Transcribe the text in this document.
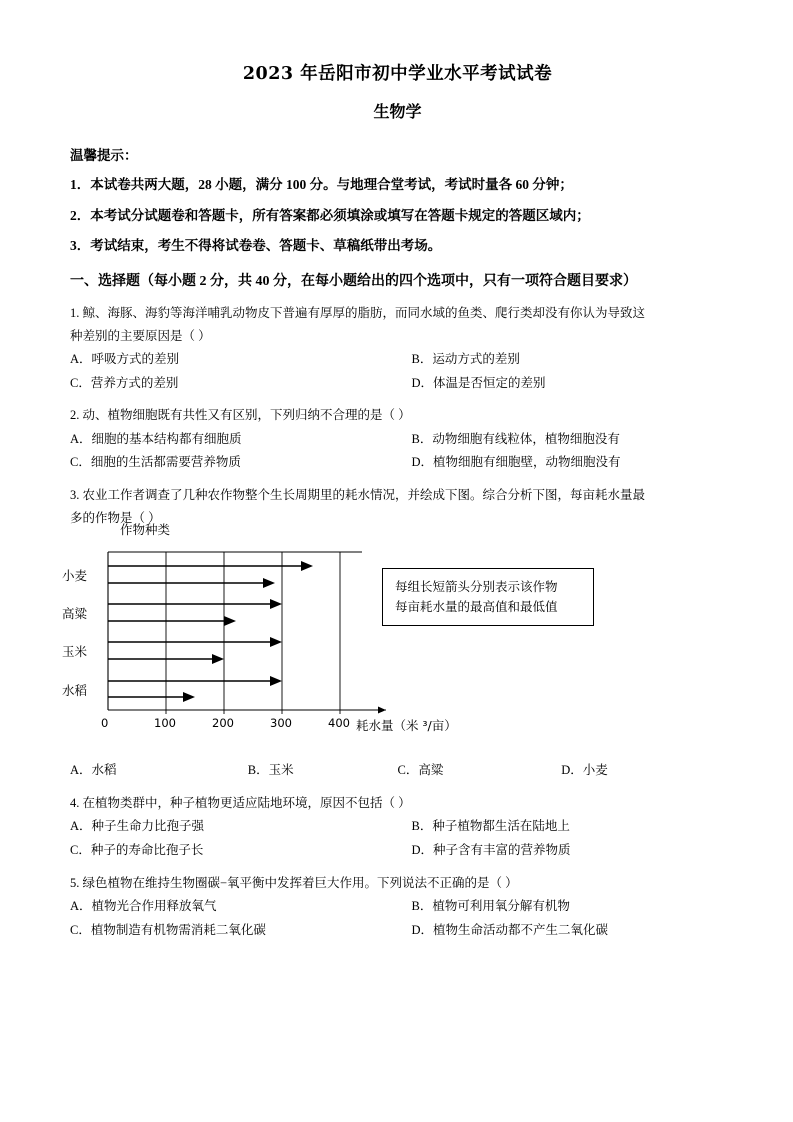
2023 年岳阳市初中学业水平考试试卷
生物学
温馨提示：
1．本试卷共两大题，28 小题，满分 100 分。与地理合堂考试，考试时量各 60 分钟；
2．本考试分试题卷和答题卡，所有答案都必须填涂或填写在答题卡规定的答题区域内；
3．考试结束，考生不得将试卷卷、答题卡、草稿纸带出考场。
一、选择题（每小题 2 分，共 40 分，在每小题给出的四个选项中，只有一项符合题目要求）
1. 鲸、海豚、海豹等海洋哺乳动物皮下普遍有厚厚的脂肪，而同水域的鱼类、爬行类却没有你认为导致这
种差别的主要原因是（ ）
A．呼吸方式的差别	B．运动方式的差别
C．营养方式的差别	D．体温是否恒定的差别
2. 动、植物细胞既有共性又有区别，下列归纳不合理的是（ ）
A．细胞的基本结构都有细胞质	B．动物细胞有线粒体，植物细胞没有
C．细胞的生活都需要营养物质	D．植物细胞有细胞壁，动物细胞没有
3. 农业工作者调查了几种农作物整个生长周期里的耗水情况，并绘成下图。综合分析下图，每亩耗水量最
多的作物是（ ）
作物种类
小麦
高粱
玉米
水稻
0	100	200	300	400 耗水量（米 ³/亩）
每组长短箭头分别表示该作物
每亩耗水量的最高值和最低值
A．水稻	B．玉米	C．高粱	D．小麦
4. 在植物类群中，种子植物更适应陆地环境，原因不包括（ ）
A．种子生命力比孢子强	B．种子植物都生活在陆地上
C．种子的寿命比孢子长	D．种子含有丰富的营养物质
5. 绿色植物在维持生物圈碳−氧平衡中发挥着巨大作用。下列说法不正确的是（ ）
A．植物光合作用释放氧气	B．植物可利用氧分解有机物
C．植物制造有机物需消耗二氧化碳	D．植物生命活动都不产生二氧化碳
